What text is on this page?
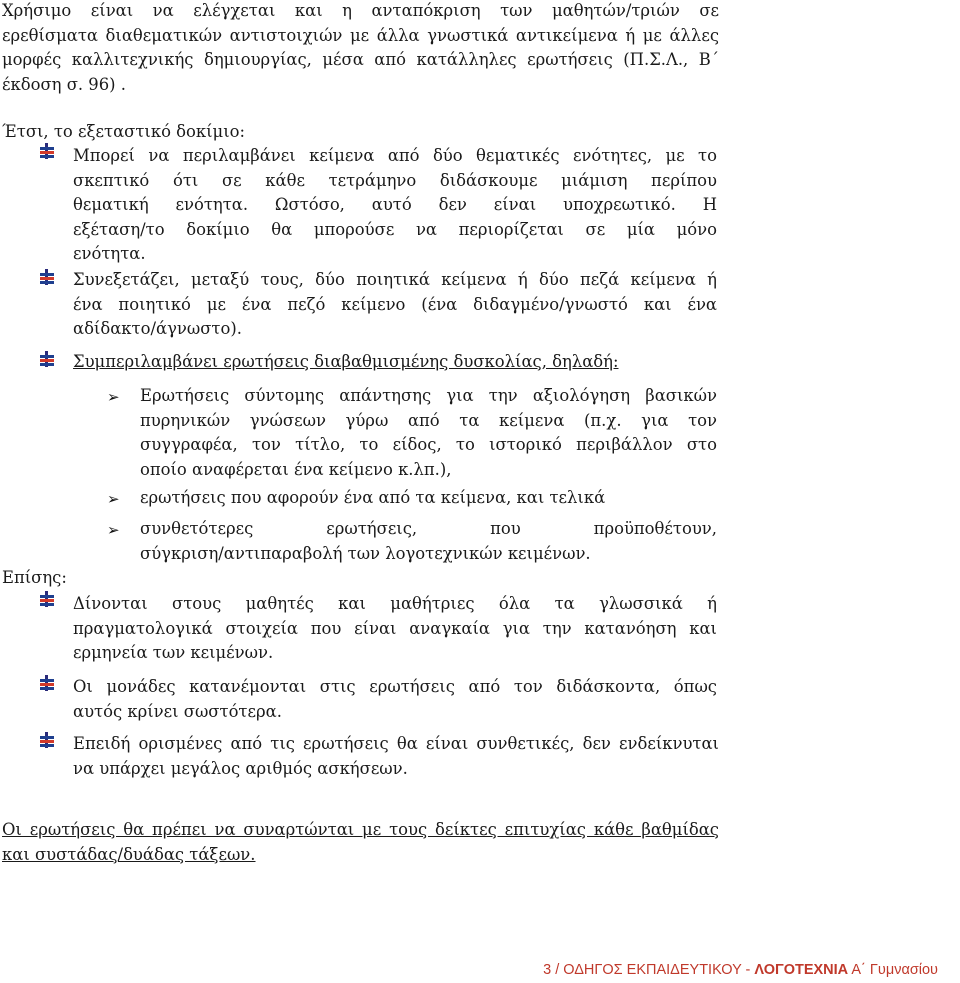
Χρήσιμο είναι να ελέγχεται και η ανταπόκριση των μαθητών/τριών σε

ερεθίσματα διαθεματικών αντιστοιχιών με άλλα γνωστικά αντικείμενα ή με άλλες

μορφές καλλιτεχνικής δημιουργίας, μέσα από κατάλληλες ερωτήσεις (Π.Σ.Λ., Β΄

έκδοση σ. 96) .

Έτσι, το εξεταστικό δοκίμιο:

Μπορεί να περιλαμβάνει κείμενα από δύο θεματικές ενότητες, με το

σκεπτικό ότι σε κάθε τετράμηνο διδάσκουμε μιάμιση περίπου

θεματική ενότητα. Ωστόσο, αυτό δεν είναι υποχρεωτικό. Η

εξέταση/το δοκίμιο θα μπορούσε να περιορίζεται σε μία μόνο

ενότητα.

Συνεξετάζει, μεταξύ τους, δύο ποιητικά κείμενα ή δύο πεζά κείμενα ή

ένα ποιητικό με ένα πεζό κείμενο (ένα διδαγμένο/γνωστό και ένα

αδίδακτο/άγνωστο).

Συμπεριλαμβάνει ερωτήσεις διαβαθμισμένης δυσκολίας, δηλαδή:

➢ Ερωτήσεις σύντομης απάντησης για την αξιολόγηση βασικών

πυρηνικών γνώσεων γύρω από τα κείμενα (π.χ. για τον

συγγραφέα, τον τίτλο, το είδος, το ιστορικό περιβάλλον στο

οποίο αναφέρεται ένα κείμενο κ.λπ.),

➢ ερωτήσεις που αφορούν ένα από τα κείμενα, και τελικά

➢ συνθετότερες ερωτήσεις, που προϋποθέτουν,

σύγκριση/αντιπαραβολή των λογοτεχνικών κειμένων.

Επίσης:

Δίνονται στους μαθητές και μαθήτριες όλα τα γλωσσικά ή

πραγματολογικά στοιχεία που είναι αναγκαία για την κατανόηση και

ερμηνεία των κειμένων.

Οι μονάδες κατανέμονται στις ερωτήσεις από τον διδάσκοντα, όπως

αυτός κρίνει σωστότερα.

Επειδή ορισμένες από τις ερωτήσεις θα είναι συνθετικές, δεν ενδείκνυται

να υπάρχει μεγάλος αριθμός ασκήσεων.

Οι ερωτήσεις θα πρέπει να συναρτώνται με τους δείκτες επιτυχίας κάθε βαθμίδας

και συστάδας/δυάδας τάξεων.

3 / ΟΔΗΓΟΣ ΕΚΠΑΙΔΕΥΤΙΚΟΥ - ΛΟΓΟΤΕΧΝΙΑ Α΄ Γυμνασίου
